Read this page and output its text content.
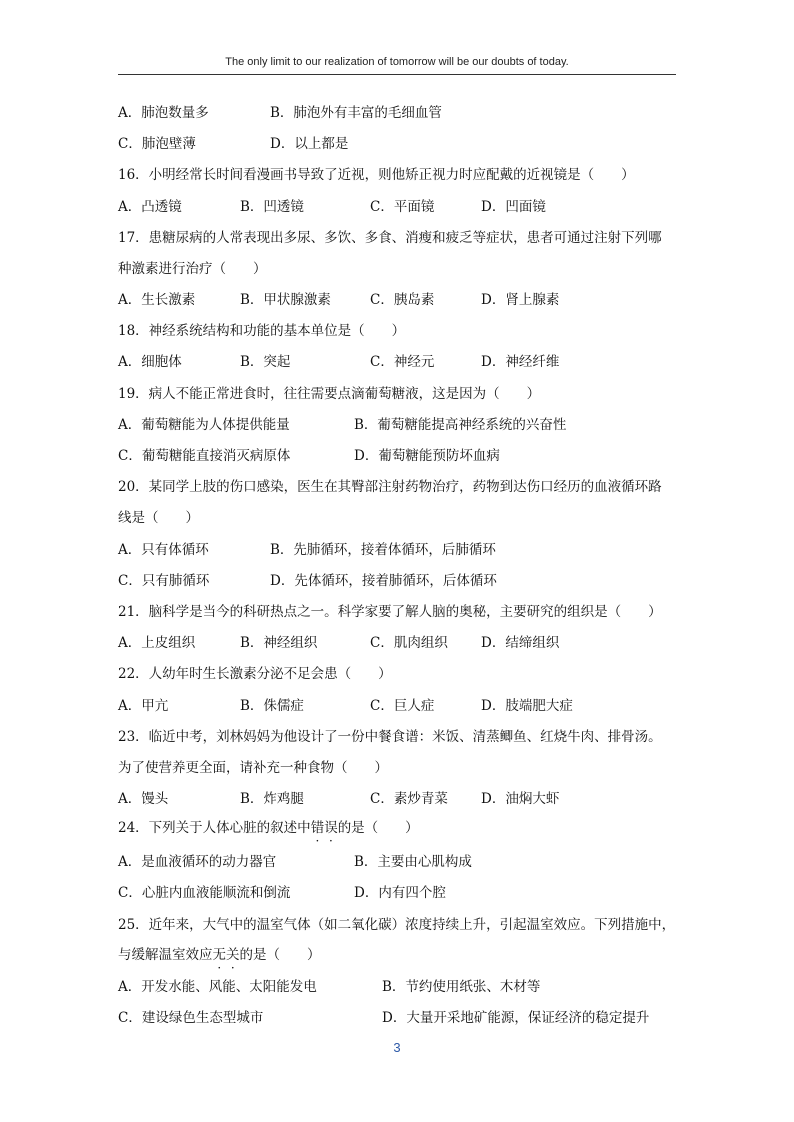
The only limit to our realization of tomorrow will be our doubts of today.
A．肺泡数量多	B．肺泡外有丰富的毛细血管
C．肺泡壁薄	D．以上都是
16．小明经常长时间看漫画书导致了近视，则他矫正视力时应配戴的近视镜是（　　）
A．凸透镜	B．凹透镜	C．平面镜	D．凹面镜
17．患糖尿病的人常表现出多尿、多饮、多食、消瘦和疲乏等症状，患者可通过注射下列哪
种激素进行治疗（　　）
A．生长激素	B．甲状腺激素	C．胰岛素	D．肾上腺素
18．神经系统结构和功能的基本单位是（　　）
A．细胞体	B．突起	C．神经元	D．神经纤维
19．病人不能正常进食时，往往需要点滴葡萄糖液，这是因为（　　）
A．葡萄糖能为人体提供能量	B．葡萄糖能提高神经系统的兴奋性
C．葡萄糖能直接消灭病原体	D．葡萄糖能预防坏血病
20．某同学上肢的伤口感染，医生在其臀部注射药物治疗，药物到达伤口经历的血液循环路
线是（　　）
A．只有体循环	B．先肺循环，接着体循环，后肺循环
C．只有肺循环	D．先体循环，接着肺循环，后体循环
21．脑科学是当今的科研热点之一。科学家要了解人脑的奥秘，主要研究的组织是（　　）
A．上皮组织	B．神经组织	C．肌肉组织 D．结缔组织
22．人幼年时生长激素分泌不足会患（　　）
A．甲亢	B．侏儒症	C．巨人症	D．肢端肥大症
23．临近中考，刘林妈妈为他设计了一份中餐食谱：米饭、清蒸鲫鱼、红烧牛肉、排骨汤。
为了使营养更全面，请补充一种食物（　　）
A．馒头	B．炸鸡腿	C．素炒青菜 D．油焖大虾
24．下列关于人体心脏的叙述中错误的是（　　）
A．是血液循环的动力器官	B．主要由心肌构成
C．心脏内血液能顺流和倒流	D．内有四个腔
25．近年来，大气中的温室气体（如二氧化碳）浓度持续上升，引起温室效应。下列措施中，
与缓解温室效应无关的是（　　）
A．开发水能、风能、太阳能发电	B．节约使用纸张、木材等
C．建设绿色生态型城市	D．大量开采地矿能源，保证经济的稳定提升
3
